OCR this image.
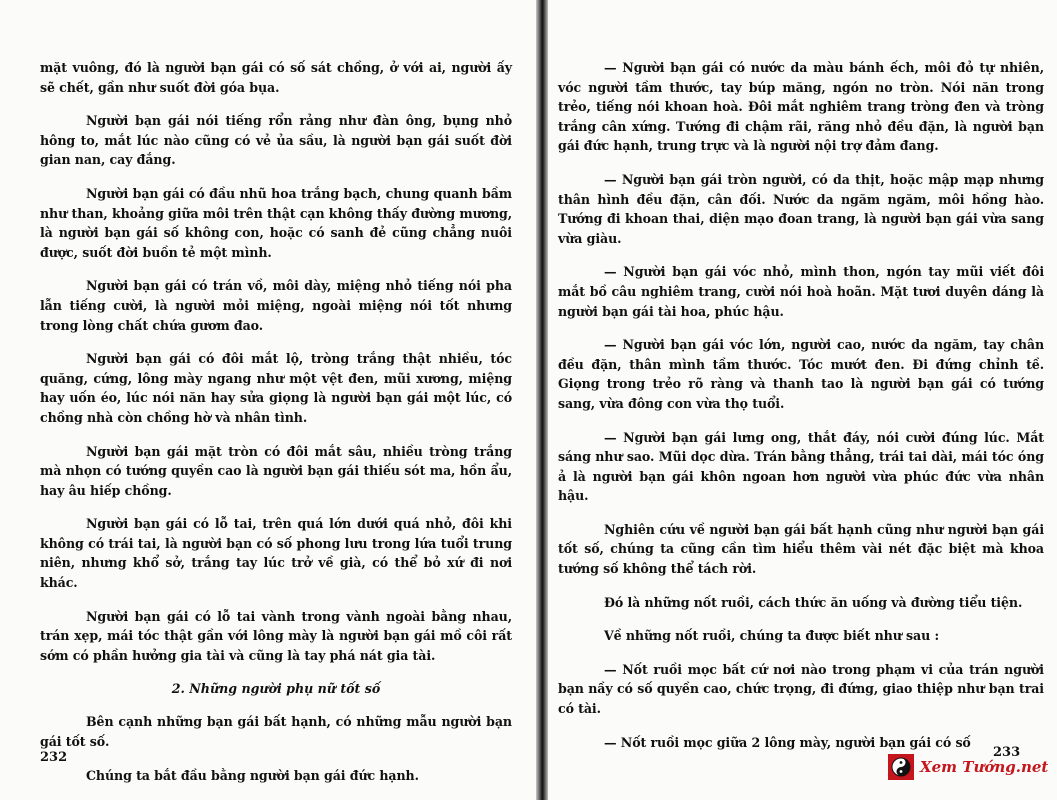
mặt vuông, đó là người bạn gái có số sát chồng, ở với ai, người ấy sẽ chết, gần như suốt đời góa bụa.

Người bạn gái nói tiếng rổn rảng như đàn ông, bụng nhỏ hông to, mắt lúc nào cũng có vẻ ủa sầu, là người bạn gái suốt đời gian nan, cay đắng.

Người bạn gái có đầu nhũ hoa trắng bạch, chung quanh bầm như than, khoảng giữa môi trên thật cạn không thấy đường mương, là người bạn gái số không con, hoặc có sanh đẻ cũng chẳng nuôi được, suốt đời buồn tẻ một mình.

Người bạn gái có trán vồ, môi dày, miệng nhỏ tiếng nói pha lẫn tiếng cười, là người mỏi miệng, ngoài miệng nói tốt nhưng trong lòng chất chứa gươm đao.

Người bạn gái có đôi mắt lộ, tròng trắng thật nhiều, tóc quăng, cứng, lông mày ngang như một vệt đen, mũi xương, miệng hay uốn éo, lúc nói năn hay sửa giọng là người bạn gái một lúc, có chồng nhà còn chồng hờ và nhân tình.

Người bạn gái mặt tròn có đôi mắt sâu, nhiều tròng trắng mà nhọn có tướng quyền cao là người bạn gái thiếu sót ma, hồn ẩu, hay âu hiếp chồng.

Người bạn gái có lỗ tai, trên quá lớn dưới quá nhỏ, đôi khi không có trái tai, là người bạn có số phong lưu trong lứa tuổi trung niên, nhưng khổ sở, trắng tay lúc trở về già, có thể bỏ xứ đi nơi khác.

Người bạn gái có lỗ tai vành trong vành ngoài bằng nhau, trán xẹp, mái tóc thật gần với lông mày là người bạn gái mồ côi rất sớm có phần hưởng gia tài và cũng là tay phá nát gia tài.

2. Những người phụ nữ tốt số

Bên cạnh những bạn gái bất hạnh, có những mẫu người bạn gái tốt số.

Chúng ta bắt đầu bằng người bạn gái đức hạnh.

232

— Người bạn gái có nước da màu bánh ếch, môi đỏ tự nhiên, vóc người tầm thước, tay búp măng, ngón no tròn. Nói năn trong trẻo, tiếng nói khoan hoà. Đôi mắt nghiêm trang tròng đen và tròng trắng cân xứng. Tướng đi chậm rãi, răng nhỏ đều đặn, là người bạn gái đức hạnh, trung trực và là người nội trợ đảm đang.

— Người bạn gái tròn người, có da thịt, hoặc mập mạp nhưng thân hình đều đặn, cân đối. Nước da ngăm ngăm, môi hồng hào. Tướng đi khoan thai, diện mạo đoan trang, là người bạn gái vừa sang vừa giàu.

— Người bạn gái vóc nhỏ, mình thon, ngón tay mũi viết đôi mắt bồ câu nghiêm trang, cười nói hoà hoãn. Mặt tươi duyên dáng là người bạn gái tài hoa, phúc hậu.

— Người bạn gái vóc lớn, người cao, nước da ngăm, tay chân đều đặn, thân mình tầm thước. Tóc mướt đen. Đi đứng chỉnh tề. Giọng trong trẻo rõ ràng và thanh tao là người bạn gái có tướng sang, vừa đông con vừa thọ tuổi.

— Người bạn gái lưng ong, thắt đáy, nói cười đúng lúc. Mắt sáng như sao. Mũi dọc dừa. Trán bằng thẳng, trái tai dài, mái tóc óng ả là người bạn gái khôn ngoan hơn người vừa phúc đức vừa nhân hậu.

Nghiên cứu về người bạn gái bất hạnh cũng như người bạn gái tốt số, chúng ta cũng cần tìm hiểu thêm vài nét đặc biệt mà khoa tướng số không thể tách rời.

Đó là những nốt ruồi, cách thức ăn uống và đường tiểu tiện.

Về những nốt ruồi, chúng ta được biết như sau :

— Nốt ruồi mọc bất cứ nơi nào trong phạm vi của trán người bạn nầy có số quyền cao, chức trọng, đi đứng, giao thiệp như bạn trai có tài.

— Nốt ruồi mọc giữa 2 lông mày, người bạn gái có số

233
Xem Tướng.net
